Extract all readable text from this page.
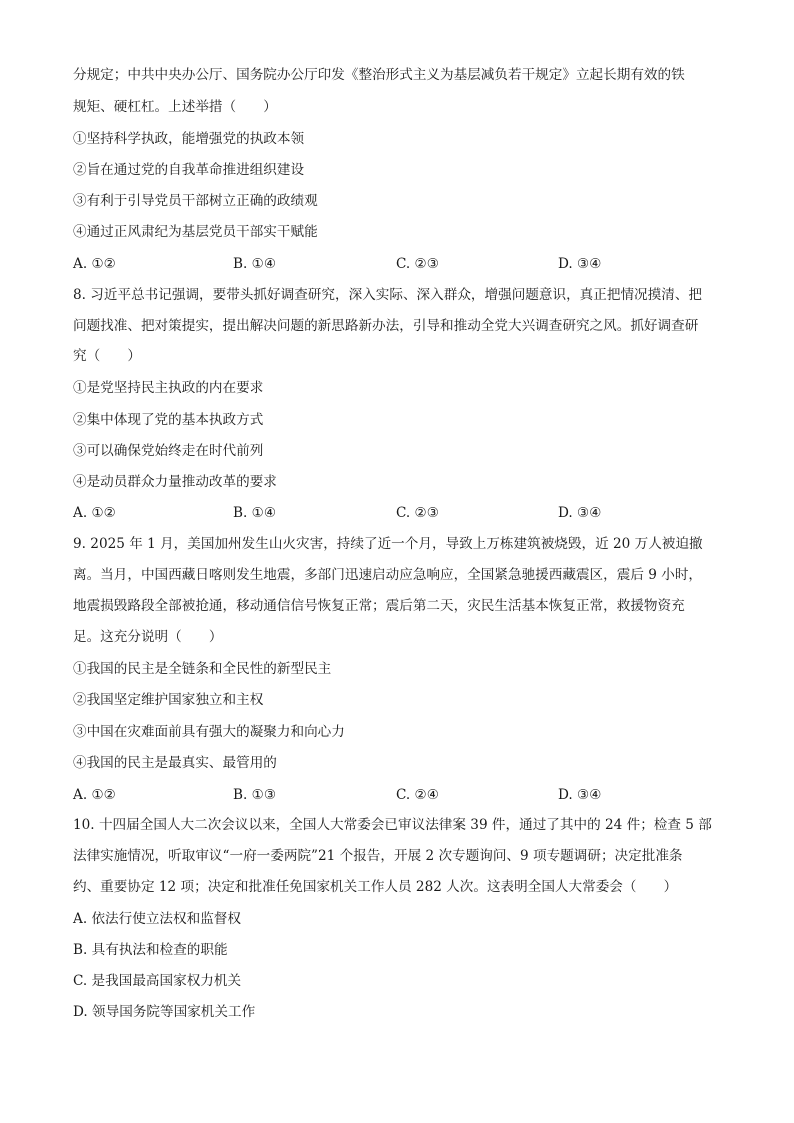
分规定；中共中央办公厅、国务院办公厅印发《整治形式主义为基层减负若干规定》立起长期有效的铁
规矩、硬杠杠。上述举措（　　）
①坚持科学执政，能增强党的执政本领
②旨在通过党的自我革命推进组织建设
③有利于引导党员干部树立正确的政绩观
④通过正风肃纪为基层党员干部实干赋能
A. ①②	B. ①④	C. ②③	D. ③④
8. 习近平总书记强调，要带头抓好调查研究，深入实际、深入群众，增强问题意识，真正把情况摸清、把
问题找准、把对策提实，提出解决问题的新思路新办法，引导和推动全党大兴调查研究之风。抓好调查研
究（　　）
①是党坚持民主执政的内在要求
②集中体现了党的基本执政方式
③可以确保党始终走在时代前列
④是动员群众力量推动改革的要求
A. ①②	B. ①④	C. ②③	D. ③④
9. 2025 年 1 月，美国加州发生山火灾害，持续了近一个月，导致上万栋建筑被烧毁，近 20 万人被迫撤
离。当月，中国西藏日喀则发生地震，多部门迅速启动应急响应，全国紧急驰援西藏震区，震后 9 小时，
地震损毁路段全部被抢通，移动通信信号恢复正常；震后第二天，灾民生活基本恢复正常，救援物资充
足。这充分说明（　　）
①我国的民主是全链条和全民性的新型民主
②我国坚定维护国家独立和主权
③中国在灾难面前具有强大的凝聚力和向心力
④我国的民主是最真实、最管用的
A. ①②	B. ①③	C. ②④	D. ③④
10. 十四届全国人大二次会议以来，全国人大常委会已审议法律案 39 件，通过了其中的 24 件；检查 5 部
法律实施情况，听取审议“一府一委两院”21 个报告，开展 2 次专题询问、9 项专题调研；决定批准条
约、重要协定 12 项；决定和批准任免国家机关工作人员 282 人次。这表明全国人大常委会（　　）
A. 依法行使立法权和监督权
B. 具有执法和检查的职能
C. 是我国最高国家权力机关
D. 领导国务院等国家机关工作
